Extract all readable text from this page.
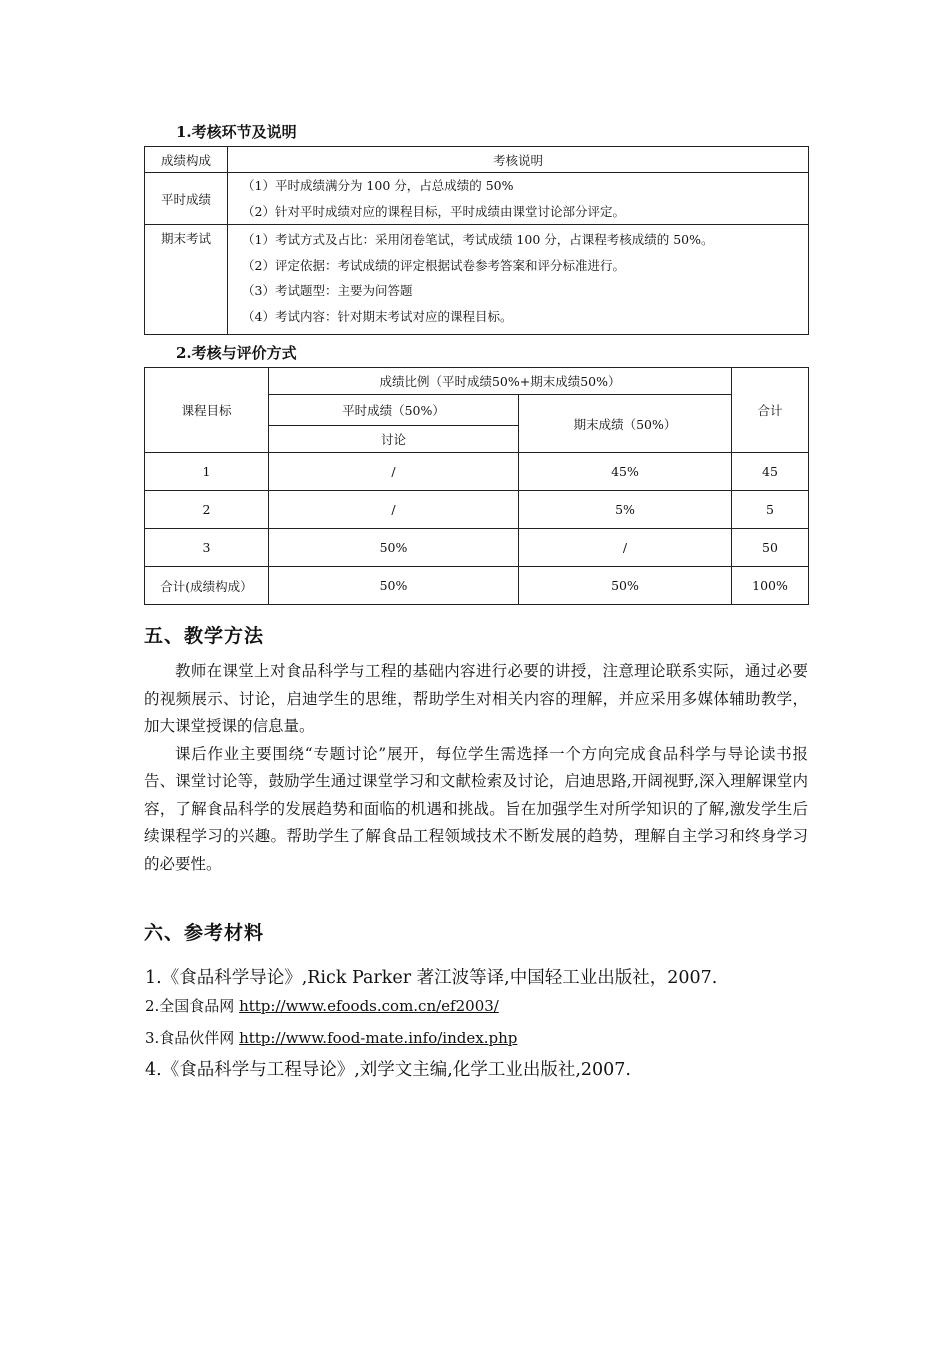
1.考核环节及说明
成绩构成	考核说明
平时成绩	（1）平时成绩满分为 100 分，占总成绩的 50%
（2）针对平时成绩对应的课程目标，平时成绩由课堂讨论部分评定。

期末考试	（1）考试方式及占比：采用闭卷笔试，考试成绩 100 分，占课程考核成绩的 50%。
（2）评定依据：考试成绩的评定根据试卷参考答案和评分标准进行。
（3）考试题型：主要为问答题
（4）考试内容：针对期末考试对应的课程目标。
2.考核与评价方式
课程目标	成绩比例（平时成绩50%+期末成绩50%）		合计
	平时成绩（50%）	期末成绩（50%）	
	讨论		
1	/	45%	45
2	/	5%	5
3	50%	/	50
合计(成绩构成）	50%	50%	100%
五、教学方法

教师在课堂上对食品科学与工程的基础内容进行必要的讲授，注意理论联系实际，通过必要的视频展示、讨论，启迪学生的思维，帮助学生对相关内容的理解，并应采用多媒体辅助教学，加大课堂授课的信息量。

课后作业主要围绕“专题讨论”展开，每位学生需选择一个方向完成食品科学与导论读书报告、课堂讨论等，鼓励学生通过课堂学习和文献检索及讨论，启迪思路,开阔视野,深入理解课堂内容，了解食品科学的发展趋势和面临的机遇和挑战。旨在加强学生对所学知识的了解,激发学生后续课程学习的兴趣。帮助学生了解食品工程领域技术不断发展的趋势，理解自主学习和终身学习的必要性。

六、参考材料
1.《食品科学导论》,Rick Parker 著江波等译,中国轻工业出版社，2007.
2.全国食品网 http://www.efoods.com.cn/ef2003/
3.食品伙伴网 http://www.food-mate.info/index.php
4.《食品科学与工程导论》,刘学文主编,化学工业出版社,2007.
